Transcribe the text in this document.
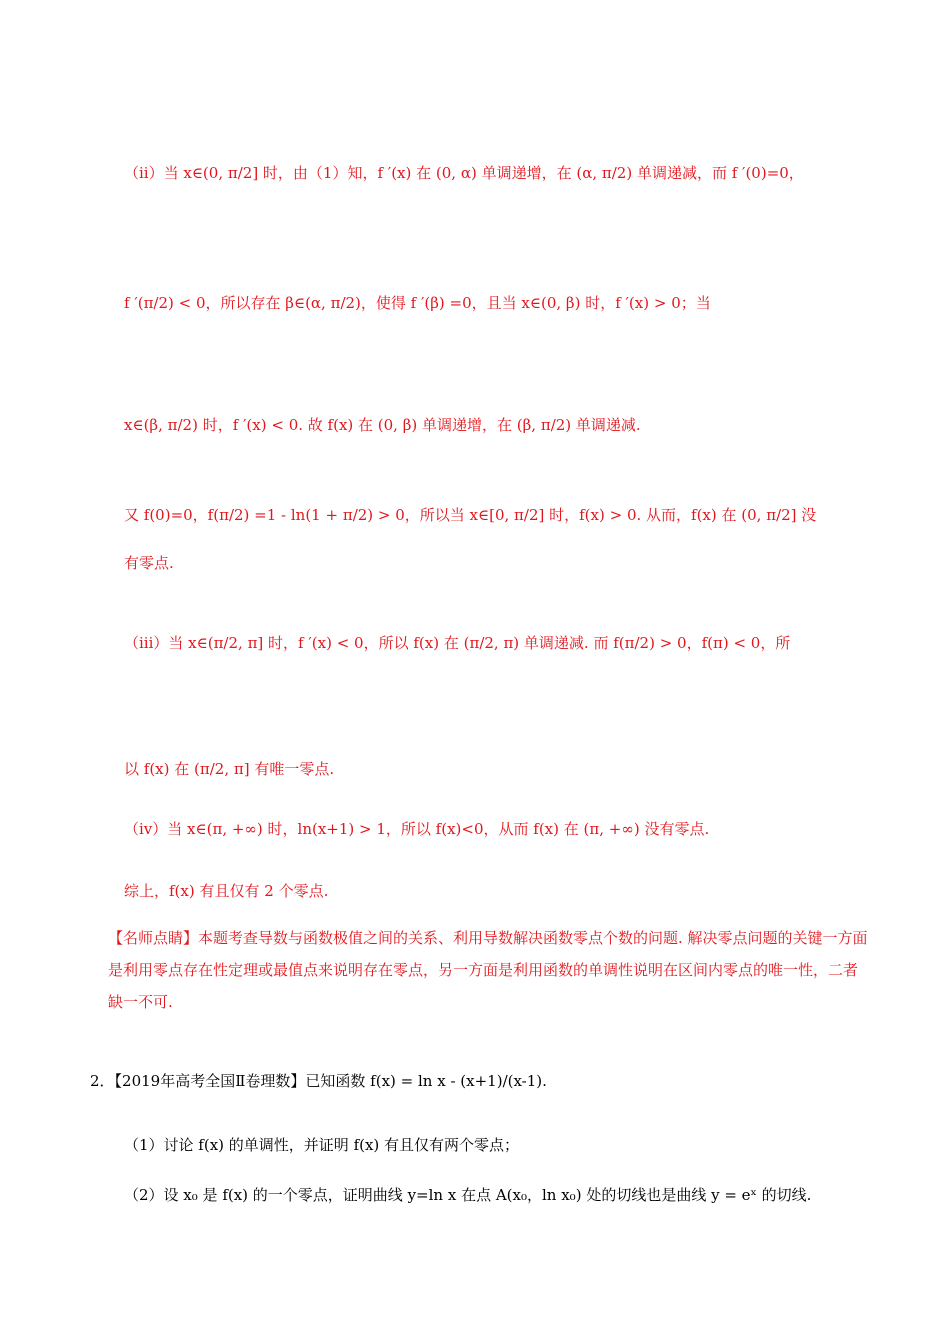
（ii）当 x∈(0, π/2] 时，由（1）知，f ′(x) 在 (0, α) 单调递增，在 (α, π/2) 单调递减，而 f ′(0)=0，
f ′(π/2) < 0，所以存在 β∈(α, π/2)，使得 f ′(β) =0，且当 x∈(0, β) 时，f ′(x) > 0；当
x∈(β, π/2) 时，f ′(x) < 0. 故 f(x) 在 (0, β) 单调递增，在 (β, π/2) 单调递减.
又 f(0)=0，f(π/2) =1 - ln(1 + π/2) > 0，所以当 x∈[0, π/2] 时，f(x) > 0. 从而，f(x) 在 (0, π/2] 没
有零点.
（iii）当 x∈(π/2, π] 时，f ′(x) < 0，所以 f(x) 在 (π/2, π) 单调递减. 而 f(π/2) > 0，f(π) < 0，所
以 f(x) 在 (π/2, π] 有唯一零点.
（iv）当 x∈(π, +∞) 时，ln(x+1) > 1，所以 f(x)<0，从而 f(x) 在 (π, +∞) 没有零点.
综上，f(x) 有且仅有 2 个零点.
【名师点睛】本题考查导数与函数极值之间的关系、利用导数解决函数零点个数的问题. 解决零点问题的关键一方面是利用零点存在性定理或最值点来说明存在零点，另一方面是利用函数的单调性说明在区间内零点的唯一性，二者缺一不可.
2．【2019年高考全国Ⅱ卷理数】已知函数 f(x) = ln x - (x+1)/(x-1).
（1）讨论 f(x) 的单调性，并证明 f(x) 有且仅有两个零点；
（2）设 x₀ 是 f(x) 的一个零点，证明曲线 y=ln x 在点 A(x₀，ln x₀) 处的切线也是曲线 y = eˣ 的切线.
